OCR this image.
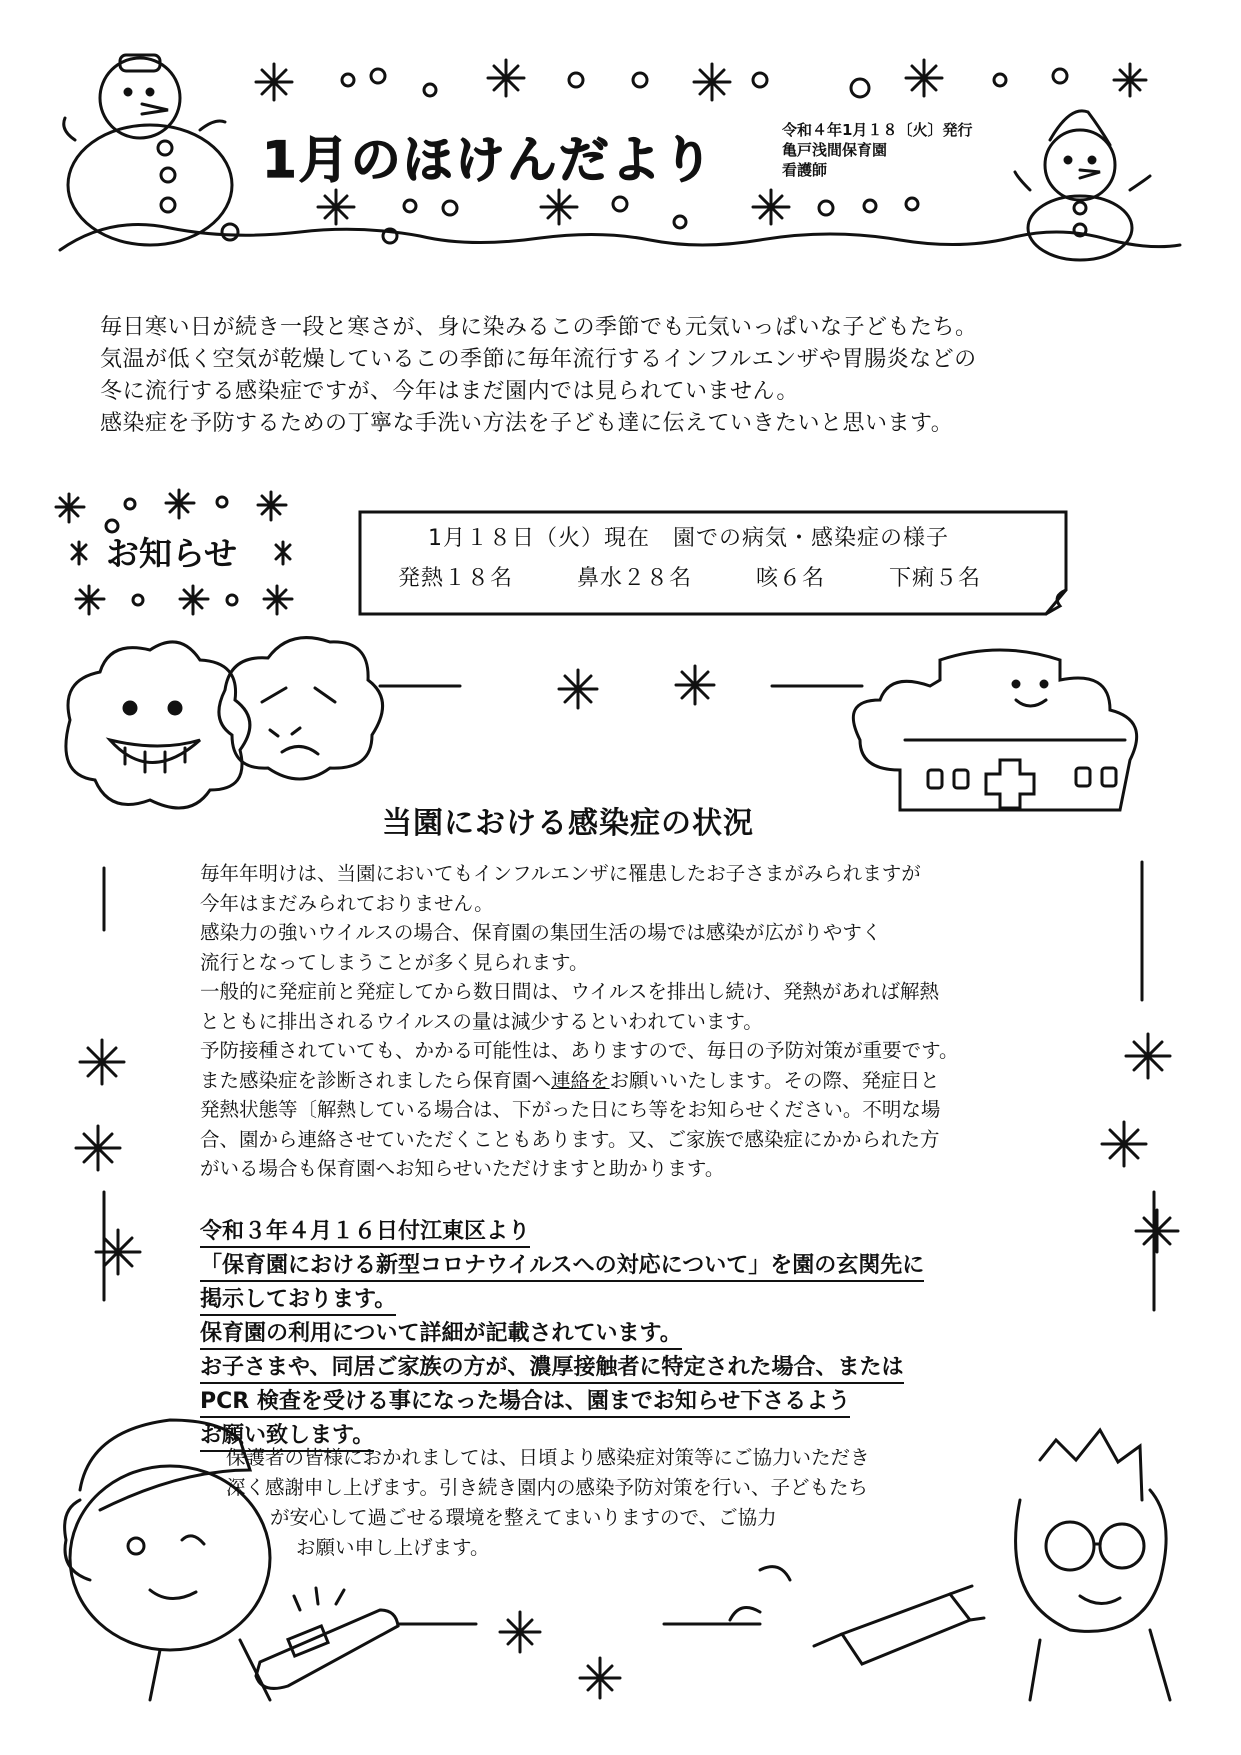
1月のほけんだより
令和４年1月１８〔火〕発行
亀戸浅間保育園
看護師
毎日寒い日が続き一段と寒さが、身に染みるこの季節でも元気いっぱいな子どもたち。
気温が低く空気が乾燥しているこの季節に毎年流行するインフルエンザや胃腸炎などの
冬に流行する感染症ですが、今年はまだ園内では見られていません。
感染症を予防するための丁寧な手洗い方法を子ども達に伝えていきたいと思います。
お知らせ	1月１８日（火）現在　園での病気・感染症の様子
発熱１８名	鼻水２８名	咳６名	下痢５名
当園における感染症の状況
毎年年明けは、当園においてもインフルエンザに罹患したお子さまがみられますが
今年はまだみられておりません。
感染力の強いウイルスの場合、保育園の集団生活の場では感染が広がりやすく
流行となってしまうことが多く見られます。
一般的に発症前と発症してから数日間は、ウイルスを排出し続け、発熱があれば解熱
とともに排出されるウイルスの量は減少するといわれています。
予防接種されていても、かかる可能性は、ありますので、毎日の予防対策が重要です。
また感染症を診断されましたら保育園へ連絡をお願いいたします。その際、発症日と
発熱状態等〔解熱している場合は、下がった日にち等をお知らせください。不明な場
合、園から連絡させていただくこともあります。又、ご家族で感染症にかかられた方
がいる場合も保育園へお知らせいただけますと助かります。
令和３年４月１６日付江東区より
「保育園における新型コロナウイルスへの対応について」を園の玄関先に
掲示しております。
保育園の利用について詳細が記載されています。
お子さまや、同居ご家族の方が、濃厚接触者に特定された場合、または
PCR 検査を受ける事になった場合は、園までお知らせ下さるよう
お願い致します。
保護者の皆様におかれましては、日頃より感染症対策等にご協力いただき
深く感謝申し上げます。引き続き園内の感染予防対策を行い、子どもたち
が安心して過ごせる環境を整えてまいりますので、ご協力
お願い申し上げます。
